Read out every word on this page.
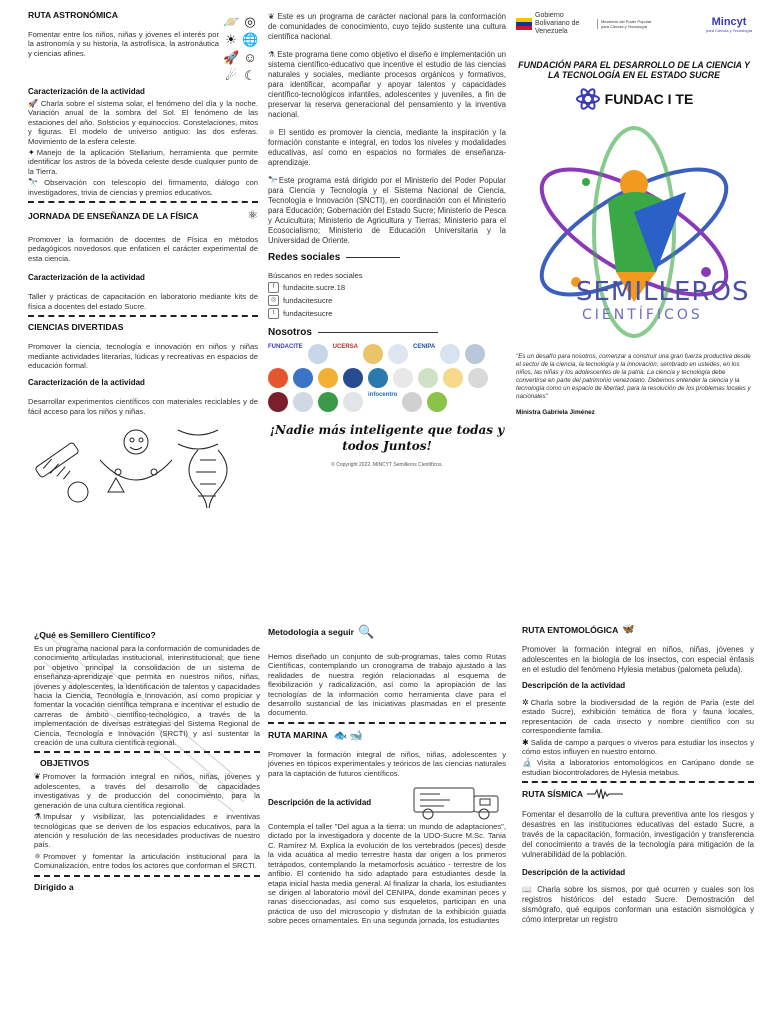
RUTA ASTRONÓMICA

Fomentar entre los niños, niñas y jóvenes el interés por la astronomía y su historia, la astrofísica, la astronáutica y ciencias afines.

🪐 ◎
☀ 🌐
🚀 ☺
☄ ☾

Caracterización de la actividad

🚀 Charla sobre el sistema solar, el fenómeno del día y la noche. Variación anual de la sombra del Sol. El fenómeno de las estaciones del año. Solsticios y equinoccios. Constelaciones, mitos y figuras. El modelo de universo antiguo: las dos esferas. Movimiento de la esfera celeste.

✦ Manejo de la aplicación Stellarium, herramienta que permite identificar los astros de la bóveda celeste desde cualquier punto de la Tierra.

🔭 Observación con telescopio del firmamento, diálogo con investigadores, trivia de ciencias y premios educativos.

JORNADA DE ENSEÑANZA DE LA FÍSICA	⚛

Promover la formación de docentes de Física en métodos pedagógicos novedosos que enfaticen el carácter experimental de esta ciencia.

Caracterización de la actividad

Taller y prácticas de capacitación en laboratorio mediante kits de física a docentes del estado Sucre.

CIENCIAS DIVERTIDAS

Promover la ciencia, tecnología e innovación en niños y niñas mediante actividades literarias, lúdicas y recreativas en espacios de educación formal.

Caracterización de la actividad

Desarrollar experimentos científicos con materiales reciclables y de fácil acceso para los niños y niñas.

❦ Este es un programa de carácter nacional para la conformación de comunidades de conocimiento, cuyo tejido sustente una cultura científica nacional.

⚗ Este programa tiene como objetivo el diseño e implementación un sistema científico-educativo que incentive el estudio de las ciencias naturales y sociales, mediante procesos orgánicos y formativos, para identificar, acompañar y apoyar talentos y capacidades científico-tecnológicos infantiles, adolescentes y juveniles, a fin de preservar la reserva generacional del pensamiento y la inventiva nacional.

⚛ El sentido es promover la ciencia, mediante la inspiración y la formación constante e integral, en todos los niveles y modalidades educativas, así como en espacios no formales de enseñanza-aprendizaje.

🔭Este programa está dirigido por el Ministerio del Poder Popular para Ciencia y Tecnología y el Sistema Nacional de Ciencia, Tecnología e Innovación (SNCTI), en coordinación con el Ministerio para Educación; Gobernación del Estado Sucre; Ministerio de Pesca y Acuicultura; Ministerio de Agricultura y Tierras; Ministerio para el Ecosocialismo; Ministerio de Educación Universitaria y la Universidad de Oriente.

Redes sociales

Búscanos en redes sociales

f	fundacite.sucre.18
◎ fundacitesucre
t	fundacitesucre

Nosotros

FUNDACITE	UCERSA	CENIPA
infocentro

¡Nadie más inteligente que todas y todos Juntos!

© Copyright 2022. MINCYT Semilleros Científicos.

Gobierno Bolivariano de Venezuela
Ministerio del Poder Popular para Ciencia y Tecnología	Mincyt
para Ciencia y Tecnología

FUNDACIÓN PARA EL DESARROLLO DE LA CIENCIA Y LA TECNOLOGÍA EN EL ESTADO SUCRE

FUNDAC I TE
SEMILLEROS
CIENTÍFICOS

"Es un desafío para nosotros, comenzar a construir una gran fuerza productiva desde el sector de la ciencia, la tecnología y la innovación, sembrado en ustedes, en los niños, las niñas y los adolescentes de la patria. La ciencia y tecnología debe convertirse en parte del patrimonio venezolano. Debemos entender la ciencia y la tecnología como un espacio de libertad, para la resolución de los problemas locales y nacionales"

Ministra Gabriela Jiménez

¿Qué es Semillero Científico?

Es un programa nacional para la conformación de comunidades de conocimiento articuladas institucional, interinstitucional; que tiene por objetivo principal la consolidación de un sistema de enseñanza-aprendizaje que permita en nuestros niños, niñas, jóvenes y adolescentes, la identificación de talentos y capacidades hacia la Ciencia, Tecnología e Innovación, así como propiciar y fomentar la vocación científica temprana e incentivar el estudio de carreras de ámbito científico-tecnológico, a través de la implementación de diversas estrategias del Sistema Regional de Ciencia, Tecnología e Innovación (SRCTI) y así sustentar la creación de una cultura científica regional.

OBJETIVOS

❦ Promover la formación integral en niños, niñas, jóvenes y adolescentes, a través del desarrollo de capacidades investigativas y de producción del conocimiento, para la generación de una cultura científica regional.

⚗ Impulsar y visibilizar, las potencialidades e inventivas tecnológicas que se deriven de los espacios educativos, para la atención y resolución de las necesidades productivas de nuestro país.

⚛ Promover y fomentar la articulación institucional para la Comunalización, entre todos los actores que conforman el SRCTI.

Dirigido a

Metodología a seguir 🔍

Hemos diseñado un conjunto de sub-programas, tales como Rutas Científicas, contemplando un cronograma de trabajo ajustado a las realidades de nuestra región relacionadas al esquema de flexibilización y radicalización, así como la apropiación de las tecnologías de la información como herramienta clave para el desarrollo sustancial de las iniciativas plasmadas en el presente documento.

RUTA MARINA 🐟 🐋

Promover la formación integral de niños, niñas, adolescentes y jóvenes en tópicos experimentales y teóricos de las ciencias naturales para la captación de futuros científicos.

Descripción de la actividad

Contempla el taller "Del agua a la tierra: un mundo de adaptaciones", dictado por la investigadora y docente de la UDO-Sucre M.Sc. Tania C. Ramírez M. Explica la evolución de los vertebrados (peces) desde la vida acuática al medio terrestre hasta dar origen a los primeros tetrápodos, contemplando la metamorfosis acuático - terrestre de los anfibio. El contenido ha sido adaptado para estudiantes desde la etapa inicial hasta media general. Al finalizar la charla, los estudiantes se dirigen al laboratorio móvil del CENIPA, donde examinan peces y ranas diseccionadas, así como sus esqueletos, participan en una práctica de uso del microscopio y disfrutan de la exhibición guiada sobre peces ornamentales. En una segunda jornada, los estudiantes

RUTA ENTOMOLÓGICA 🦋

Promover la formación integral en niños, niñas, jóvenes y adolescentes en la biología de los insectos, con especial énfasis en el estudio del fenómeno Hylesia metabus (palometa peluda).

Descripción de la actividad

✲ Charla sobre la biodiversidad de la región de Paria (este del estado Sucre), exhibición temática de flora y fauna locales, representación de cada insecto y nombre científico con su correspondiente familia.

✱ Salida de campo a parques o viveros para estudiar los insectos y cómo estos influyen en nuestro entorno.

🔬 Visita a laboratorios entomológicos en Carúpano donde se estudian biocontroladores de Hylesia metabus.

RUTA SÍSMICA

Fomentar el desarrollo de la cultura preventiva ante los riesgos y desastres en las instituciones educativas del estado Sucre, a través de la capacitación, formación, investigación y transferencia del conocimiento a través de la tecnología para mitigación de la vulnerabilidad de la población.

Descripción de la actividad

📖 Charla sobre los sismos, por qué ocurren y cuales son los registros históricos del estado Sucre. Demostración del sismógrafo, qué equipos conforman una estación sismológica y cómo interpretar un registro
